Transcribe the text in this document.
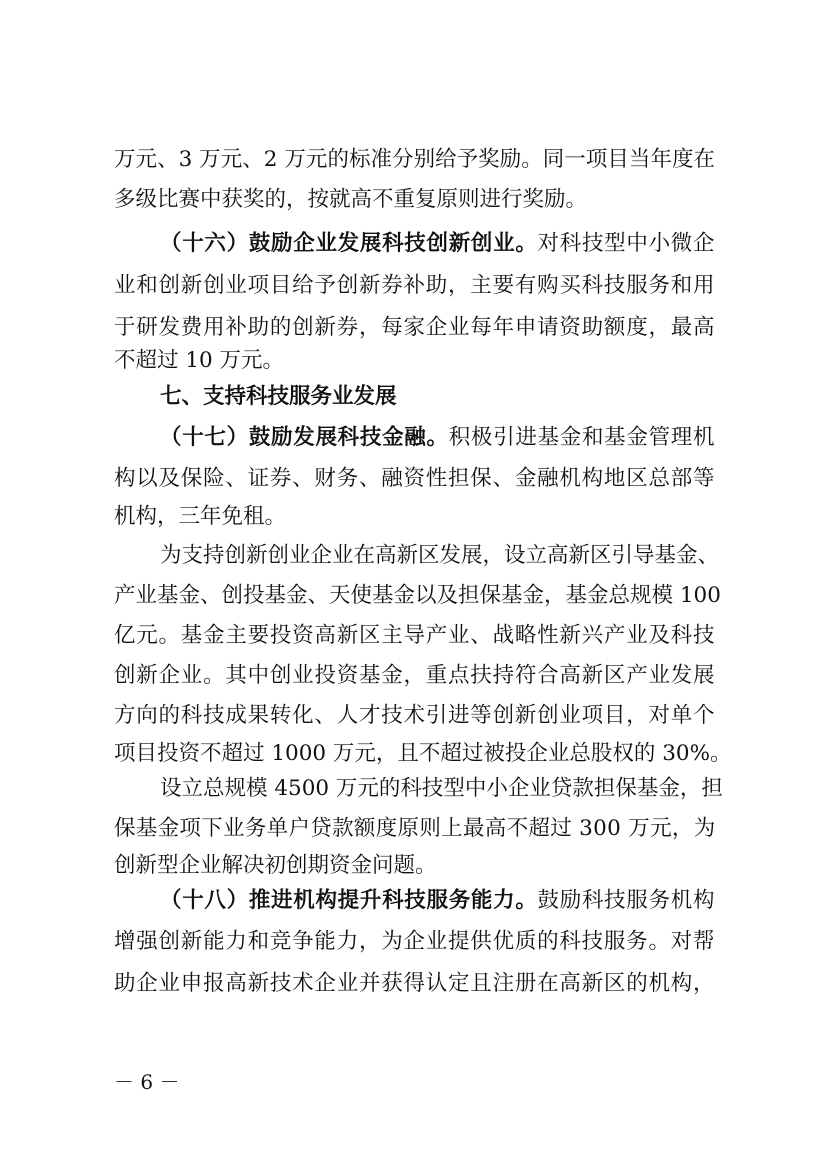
万元、3 万元、2 万元的标准分别给予奖励。同一项目当年度在
多级比赛中获奖的，按就高不重复原则进行奖励。
（十六）鼓励企业发展科技创新创业。对科技型中小微企
业和创新创业项目给予创新券补助，主要有购买科技服务和用
于研发费用补助的创新券，每家企业每年申请资助额度，最高
不超过 10 万元。
七、支持科技服务业发展
（十七）鼓励发展科技金融。积极引进基金和基金管理机
构以及保险、证券、财务、融资性担保、金融机构地区总部等
机构，三年免租。
为支持创新创业企业在高新区发展，设立高新区引导基金、
产业基金、创投基金、天使基金以及担保基金，基金总规模 100
亿元。基金主要投资高新区主导产业、战略性新兴产业及科技
创新企业。其中创业投资基金，重点扶持符合高新区产业发展
方向的科技成果转化、人才技术引进等创新创业项目，对单个
项目投资不超过 1000 万元，且不超过被投企业总股权的 30%。
设立总规模 4500 万元的科技型中小企业贷款担保基金，担
保基金项下业务单户贷款额度原则上最高不超过 300 万元，为
创新型企业解决初创期资金问题。
（十八）推进机构提升科技服务能力。鼓励科技服务机构
增强创新能力和竞争能力，为企业提供优质的科技服务。对帮
助企业申报高新技术企业并获得认定且注册在高新区的机构，
－ 6 －
